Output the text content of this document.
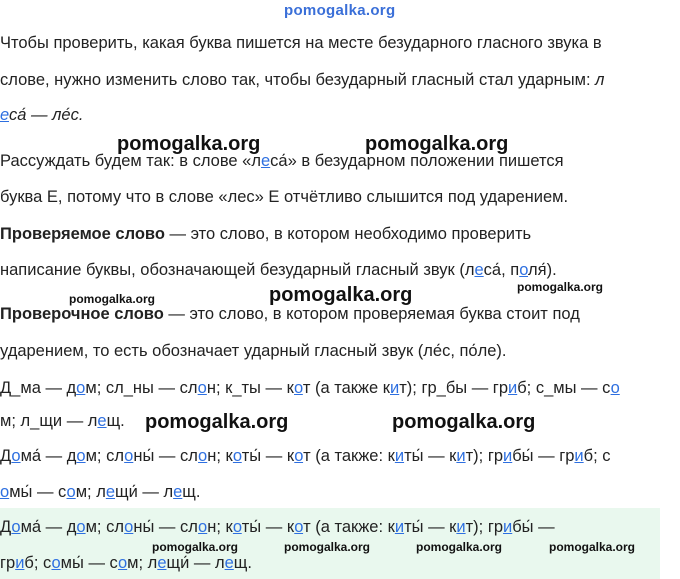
pomogalka.org
Чтобы проверить, какая буква пишется на месте безударного гласного звука в
слове, нужно изменить слово так, чтобы безударный гласный стал ударным: л
еса́ — ле́с.
pomogalka.org	pomogalka.org
Рассуждать будем так: в слове «леса́» в безударном положении пишется
буква Е, потому что в слове «лес» Е отчётливо слышится под ударением.
Проверяемое слово — это слово, в котором необходимо проверить
написание буквы, обозначающей безударный гласный звук (леса́, поля́).
pomogalka.org	pomogalka.org	pomogalka.org
Проверочное слово — это слово, в котором проверяемая буква стоит под
ударением, то есть обозначает ударный гласный звук (ле́с, по́ле).
Д_ма — дом; сл_ны — слон; к_ты — кот (а также кит); гр_бы — гриб; с_мы — со
м; л_щи — лещ. pomogalka.org	pomogalka.org
Дома́ — дом; слоны́ — слон; коты́ — кот (а также: киты́ — кит); грибы́ — гриб; с
омы́ — сом; лещи́ — лещ.
Дома́ — дом; слоны́ — слон; коты́ — кот (а также: киты́ — кит); грибы́ —
pomogalka.org	pomogalka.org	pomogalka.org	pomogalka.org
гриб; сомы́ — сом; лещи́ — лещ.
